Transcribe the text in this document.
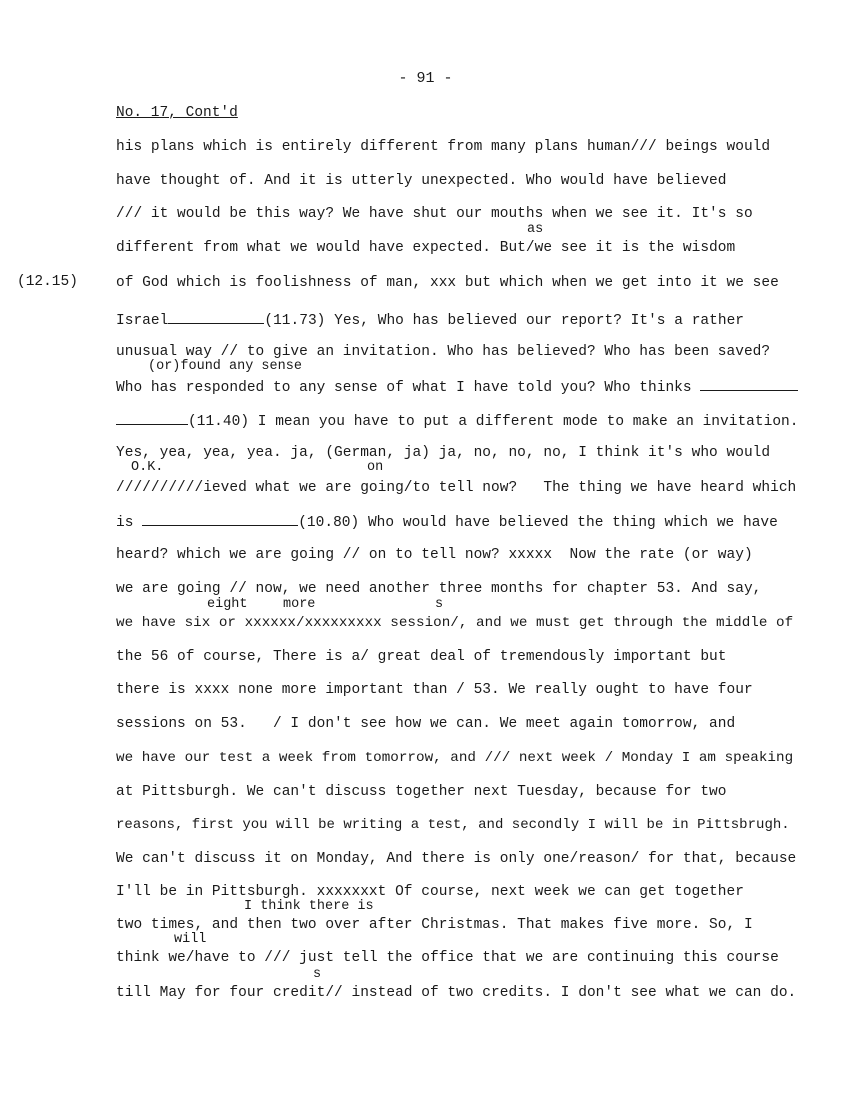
- 91 -
No. 17, Cont'd
(12.15)
as
(or)found any sense
O.K.	on
eight	more	s
I think there is
will
s
his plans which is entirely different from many plans human/// beings would
have thought of. And it is utterly unexpected. Who would have believed
/// it would be this way? We have shut our mouths when we see it. It's so
different from what we would have expected. But/we see it is the wisdom
of God which is foolishness of man, xxx but which when we get into it we see
Israel	(11.73) Yes, Who has believed our report? It's a rather
unusual way // to give an invitation. Who has believed? Who has been saved?
Who has responded to any sense of what I have told you? Who thinks
(11.40) I mean you have to put a different mode to make an invitation.
Yes, yea, yea, yea. ja, (German, ja) ja, no, no, no, I think it's who would
//////////ieved what we are going/to tell now?   The thing we have heard which
is	(10.80) Who would have believed the thing which we have
heard? which we are going // on to tell now? xxxxx  Now the rate (or way)
we are going // now, we need another three months for chapter 53. And say,
we have six or xxxxxx/xxxxxxxxx session/, and we must get through the middle of
the 56 of course, There is a/ great deal of tremendously important but
there is xxxx none more important than / 53. We really ought to have four
sessions on 53.   / I don't see how we can. We meet again tomorrow, and
we have our test a week from tomorrow, and /// next week / Monday I am speaking
at Pittsburgh. We can't discuss together next Tuesday, because for two
reasons, first you will be writing a test, and secondly I will be in Pittsbrugh.
We can't discuss it on Monday, And there is only one/reason/ for that, because
I'll be in Pittsburgh. xxxxxxxt Of course, next week we can get together
two times, and then two over after Christmas. That makes five more. So, I
think we/have to /// just tell the office that we are continuing this course
till May for four credit// instead of two credits. I don't see what we can do.
